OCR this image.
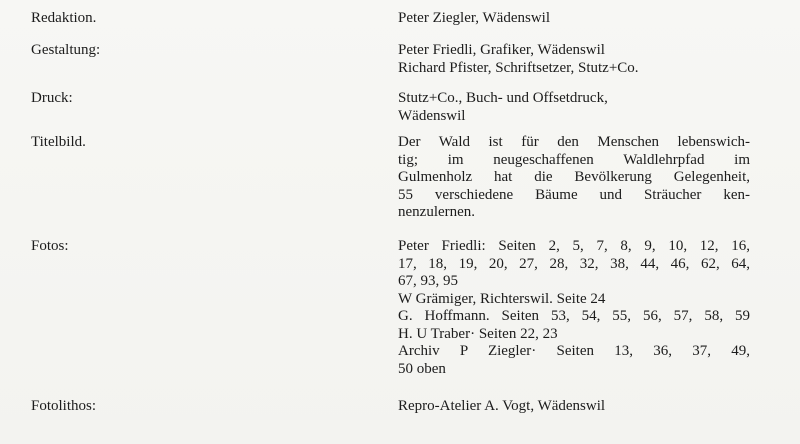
Redaktion.	Peter Ziegler, Wädenswil
Gestaltung:	Peter Friedli, Grafiker, Wädenswil
Richard Pfister, Schriftsetzer, Stutz+Co.
Druck:	Stutz+Co., Buch- und Offsetdruck,
Wädenswil
Titelbild.	Der Wald ist für den Menschen lebenswich-
tig; im neugeschaffenen Waldlehrpfad im
Gulmenholz hat die Bevölkerung Gelegenheit,
55 verschiedene Bäume und Sträucher ken-
nenzulernen.
Fotos:	Peter Friedli: Seiten 2, 5, 7, 8, 9, 10, 12, 16,
17, 18, 19, 20, 27, 28, 32, 38, 44, 46, 62, 64,
67, 93, 95
W Grämiger, Richterswil. Seite 24
G. Hoffmann. Seiten 53, 54, 55, 56, 57, 58, 59
H. U Traber· Seiten 22, 23
Archiv P Ziegler· Seiten 13, 36, 37, 49,
50 oben
Fotolithos:	Repro-Atelier A. Vogt, Wädenswil
